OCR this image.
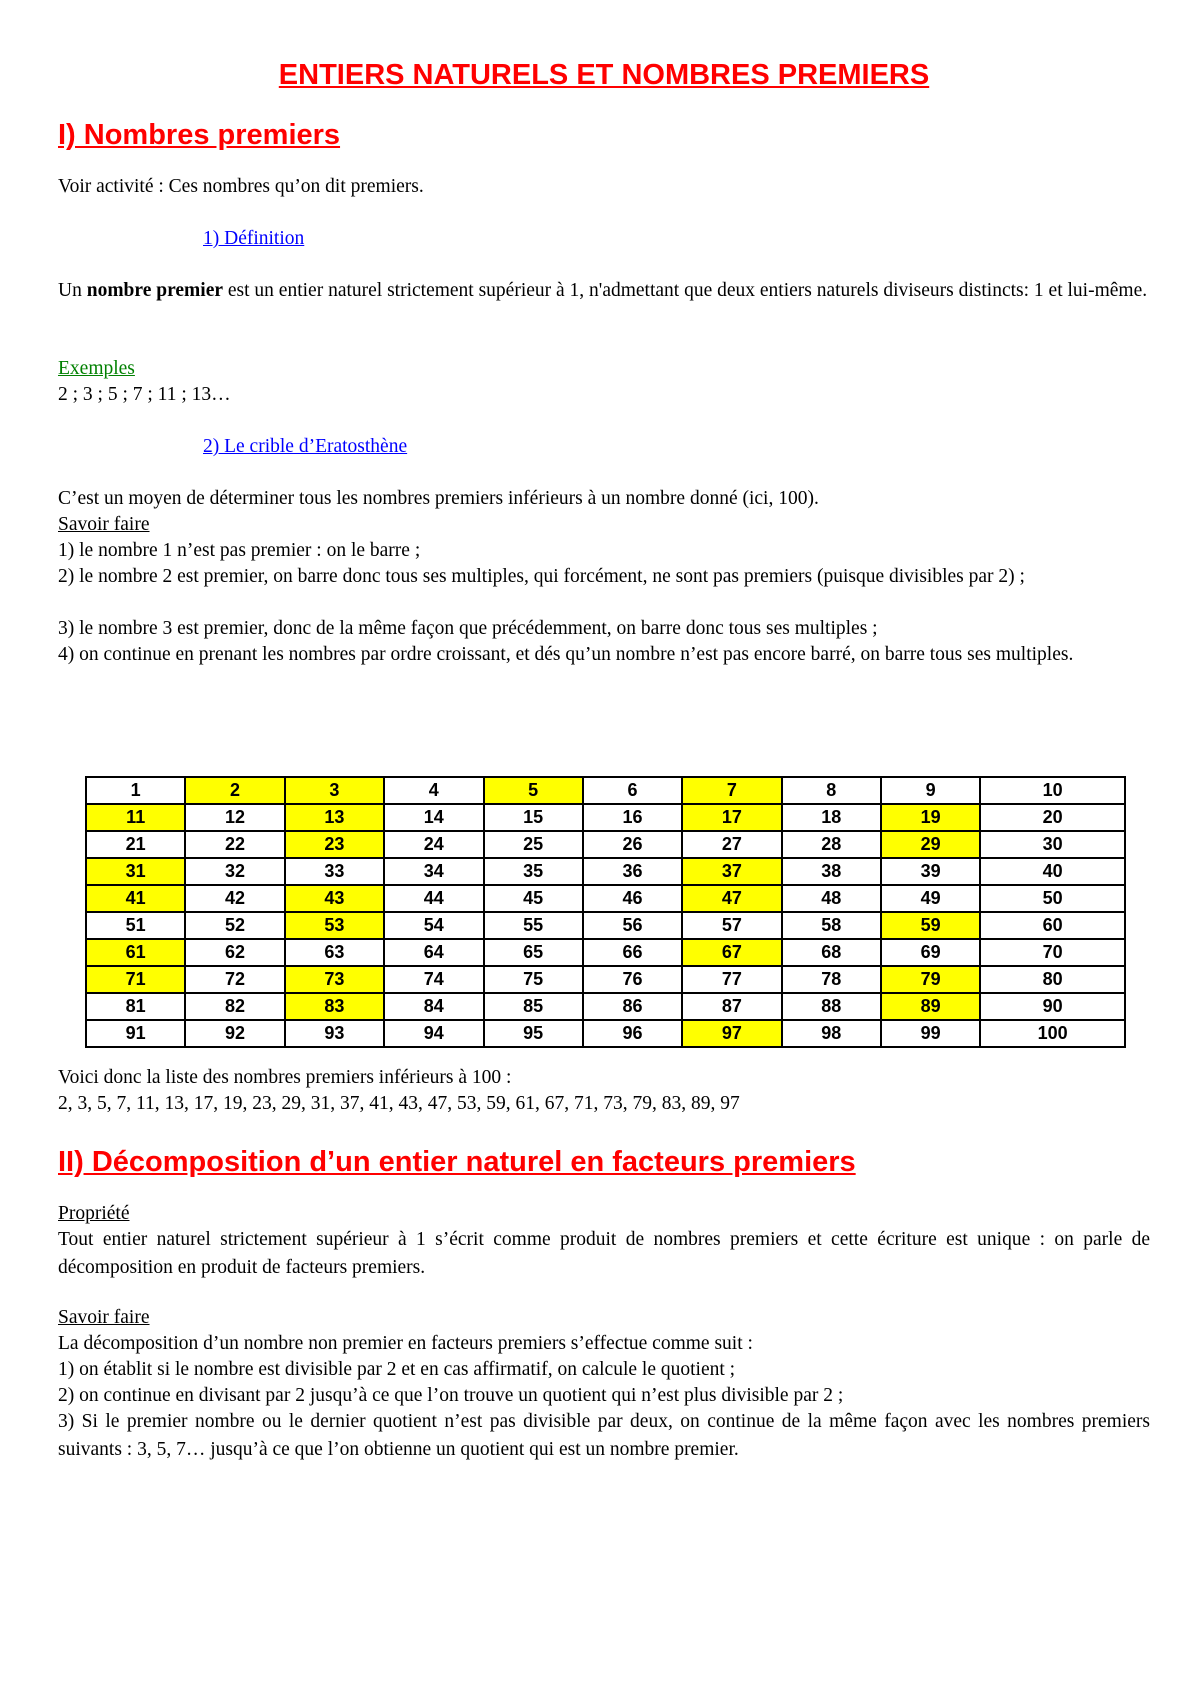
ENTIERS NATURELS ET NOMBRES PREMIERS
I) Nombres premiers

Voir activité : Ces nombres qu’on dit premiers.

1) Définition

Un nombre premier est un entier naturel strictement supérieur à 1, n'admettant que deux entiers naturels diviseurs distincts: 1 et lui-même.

Exemples

2 ; 3 ; 5 ; 7 ; 11 ; 13…

2) Le crible d’Eratosthène

C’est un moyen de déterminer tous les nombres premiers inférieurs à un nombre donné (ici, 100).

Savoir faire

1) le nombre 1 n’est pas premier : on le barre ;

2) le nombre 2 est premier, on barre donc tous ses multiples, qui forcément, ne sont pas premiers (puisque divisibles par 2) ;

3) le nombre 3 est premier, donc de la même façon que précédemment, on barre donc tous ses multiples ;

4) on continue en prenant les nombres par ordre croissant, et dés qu’un nombre n’est pas encore barré, on barre tous ses multiples.

1	2	3	4	5	6	7	8	9	10
11	12	13	14	15	16	17	18	19	20
21	22	23	24	25	26	27	28	29	30
31	32	33	34	35	36	37	38	39	40
41	42	43	44	45	46	47	48	49	50
51	52	53	54	55	56	57	58	59	60
61	62	63	64	65	66	67	68	69	70
71	72	73	74	75	76	77	78	79	80
81	82	83	84	85	86	87	88	89	90
91	92	93	94	95	96	97	98	99	100

Voici donc la liste des nombres premiers inférieurs à 100 :

2, 3, 5, 7, 11, 13, 17, 19, 23, 29, 31, 37, 41, 43, 47, 53, 59, 61, 67, 71, 73, 79, 83, 89, 97

II) Décomposition d’un entier naturel en facteurs premiers

Propriété

Tout entier naturel strictement supérieur à 1 s’écrit comme produit de nombres premiers et cette écriture est unique : on parle de décomposition en produit de facteurs premiers.

Savoir faire

La décomposition d’un nombre non premier en facteurs premiers s’effectue comme suit :

1) on établit si le nombre est divisible par 2 et en cas affirmatif, on calcule le quotient ;

2) on continue en divisant par 2 jusqu’à ce que l’on trouve un quotient qui n’est plus divisible par 2 ;

3) Si le premier nombre ou le dernier quotient n’est pas divisible par deux, on continue de la même façon avec les nombres premiers suivants : 3, 5, 7… jusqu’à ce que l’on obtienne un quotient qui est un nombre premier.
